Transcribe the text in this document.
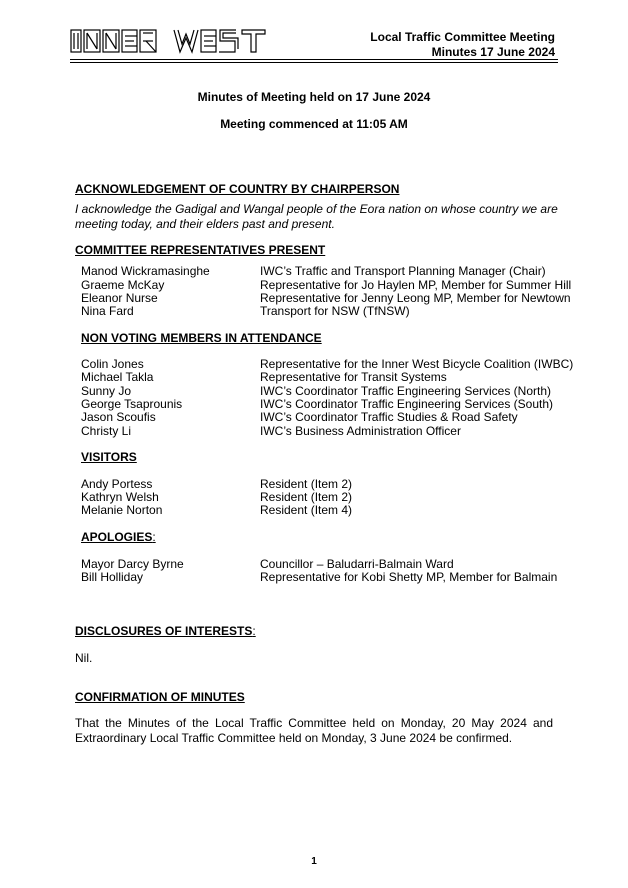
Local Traffic Committee Meeting
Minutes 17 June 2024
Minutes of Meeting held on 17 June 2024
Meeting commenced at 11:05 AM
ACKNOWLEDGEMENT OF COUNTRY BY CHAIRPERSON
I acknowledge the Gadigal and Wangal people of the Eora nation on whose country we are
meeting today, and their elders past and present.
COMMITTEE REPRESENTATIVES PRESENT
Manod Wickramasinghe	IWC’s Traffic and Transport Planning Manager (Chair)
Graeme McKay	Representative for Jo Haylen MP, Member for Summer Hill
Eleanor Nurse	Representative for Jenny Leong MP, Member for Newtown
Nina Fard	Transport for NSW (TfNSW)
NON VOTING MEMBERS IN ATTENDANCE
Colin Jones	Representative for the Inner West Bicycle Coalition (IWBC)
Michael Takla	Representative for Transit Systems
Sunny Jo	IWC’s Coordinator Traffic Engineering Services (North)
George Tsaprounis	IWC’s Coordinator Traffic Engineering Services (South)
Jason Scoufis	IWC’s Coordinator Traffic Studies & Road Safety
Christy Li	IWC’s Business Administration Officer
VISITORS
Andy Portess	Resident (Item 2)
Kathryn Welsh	Resident (Item 2)
Melanie Norton	Resident (Item 4)
APOLOGIES:
Mayor Darcy Byrne	Councillor – Baludarri-Balmain Ward
Bill Holliday	Representative for Kobi Shetty MP, Member for Balmain
DISCLOSURES OF INTERESTS:
Nil.
CONFIRMATION OF MINUTES
That the Minutes of the Local Traffic Committee held on Monday, 20 May 2024 and
Extraordinary Local Traffic Committee held on Monday, 3 June 2024 be confirmed.
1
